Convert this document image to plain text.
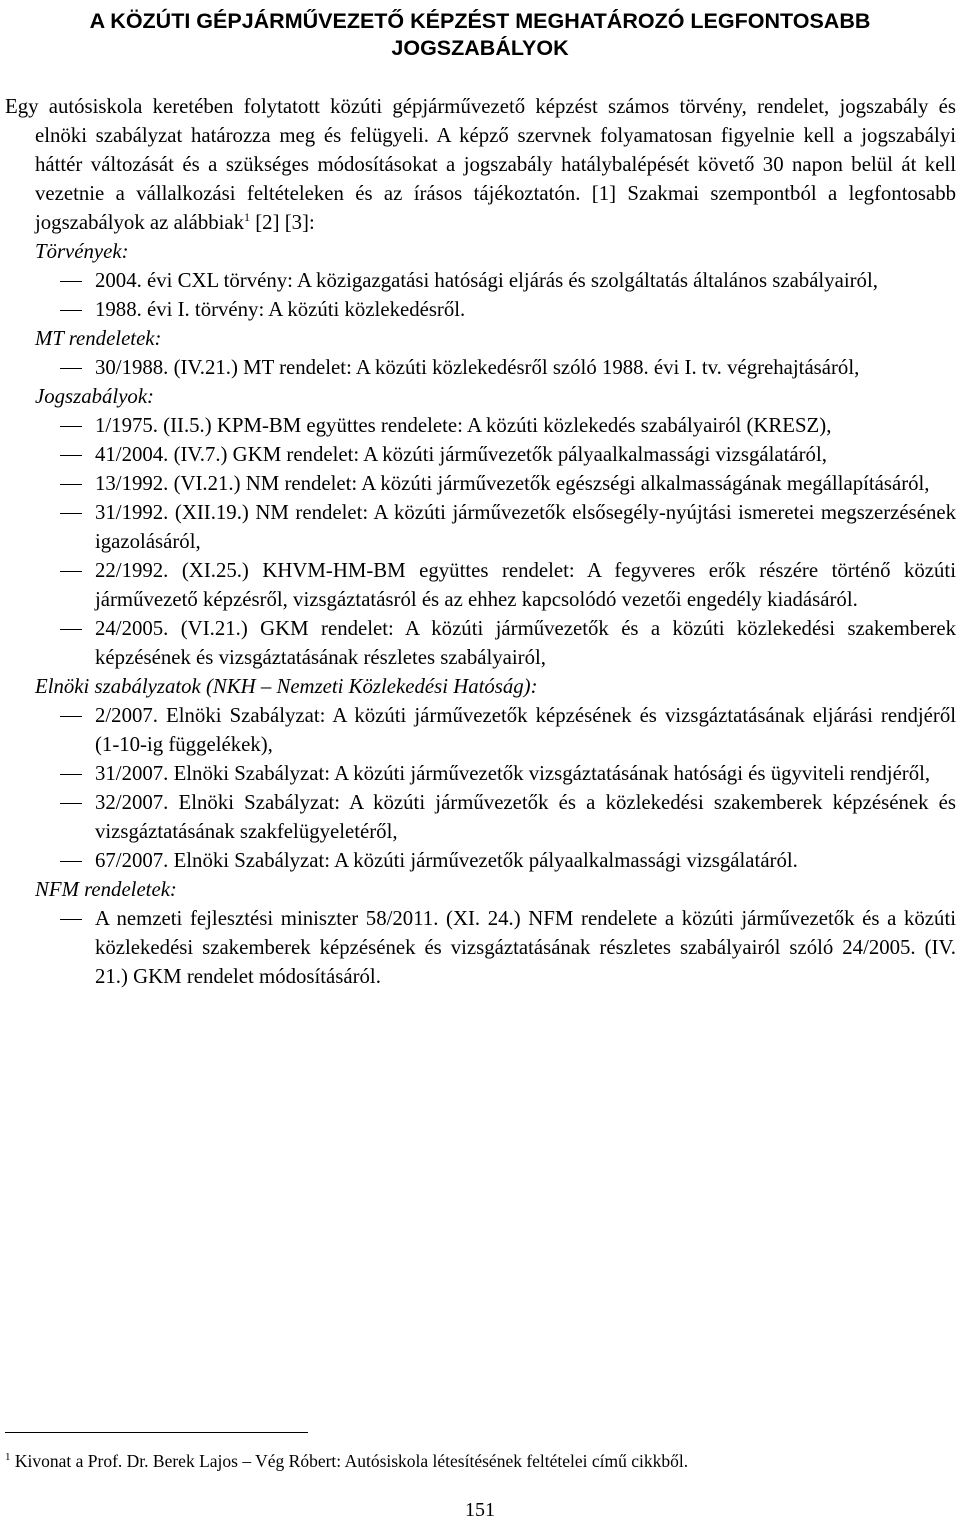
A KÖZÚTI GÉPJÁRMŰVEZETŐ KÉPZÉST MEGHATÁROZÓ LEGFONTOSABB JOGSZABÁLYOK

Egy autósiskola keretében folytatott közúti gépjárművezető képzést számos törvény, rendelet, jogszabály és elnöki szabályzat határozza meg és felügyeli. A képző szervnek folyamatosan figyelnie kell a jogszabályi háttér változását és a szükséges módosításokat a jogszabály hatálybalépését követő 30 napon belül át kell vezetnie a vállalkozási feltételeken és az írásos tájékoztatón. [1] Szakmai szempontból a legfontosabb jogszabályok az alábbiak$^1$ [2] [3]:

Törvények:

2004. évi CXL törvény: A közigazgatási hatósági eljárás és szolgáltatás általános szabályairól,
1988. évi I. törvény: A közúti közlekedésről.

MT rendeletek:

30/1988. (IV.21.) MT rendelet: A közúti közlekedésről szóló 1988. évi I. tv. végrehajtásáról,

Jogszabályok:

1/1975. (II.5.) KPM-BM együttes rendelete: A közúti közlekedés szabályairól (KRESZ),
41/2004. (IV.7.) GKM rendelet: A közúti járművezetők pályaalkalmassági vizsgálatáról,
13/1992. (VI.21.) NM rendelet: A közúti járművezetők egészségi alkalmasságának megállapításáról,
31/1992. (XII.19.) NM rendelet: A közúti járművezetők elsősegély-nyújtási ismeretei megszerzésének igazolásáról,
22/1992. (XI.25.) KHVM-HM-BM együttes rendelet: A fegyveres erők részére történő közúti járművezető képzésről, vizsgáztatásról és az ehhez kapcsolódó vezetői engedély kiadásáról.
24/2005. (VI.21.) GKM rendelet: A közúti járművezetők és a közúti közlekedési szakemberek képzésének és vizsgáztatásának részletes szabályairól,

Elnöki szabályzatok (NKH – Nemzeti Közlekedési Hatóság):

2/2007. Elnöki Szabályzat: A közúti járművezetők képzésének és vizsgáztatásának eljárási rendjéről (1-10-ig függelékek),
31/2007. Elnöki Szabályzat: A közúti járművezetők vizsgáztatásának hatósági és ügyviteli rendjéről,
32/2007. Elnöki Szabályzat: A közúti járművezetők és a közlekedési szakemberek képzésének és vizsgáztatásának szakfelügyeletéről,
67/2007. Elnöki Szabályzat: A közúti járművezetők pályaalkalmassági vizsgálatáról.

NFM rendeletek:

A nemzeti fejlesztési miniszter 58/2011. (XI. 24.) NFM rendelete a közúti járművezetők és a közúti közlekedési szakemberek képzésének és vizsgáztatásának részletes szabályairól szóló 24/2005. (IV. 21.) GKM rendelet módosításáról.
$^1$ Kivonat a Prof. Dr. Berek Lajos – Vég Róbert: Autósiskola létesítésének feltételei című cikkből.
151
